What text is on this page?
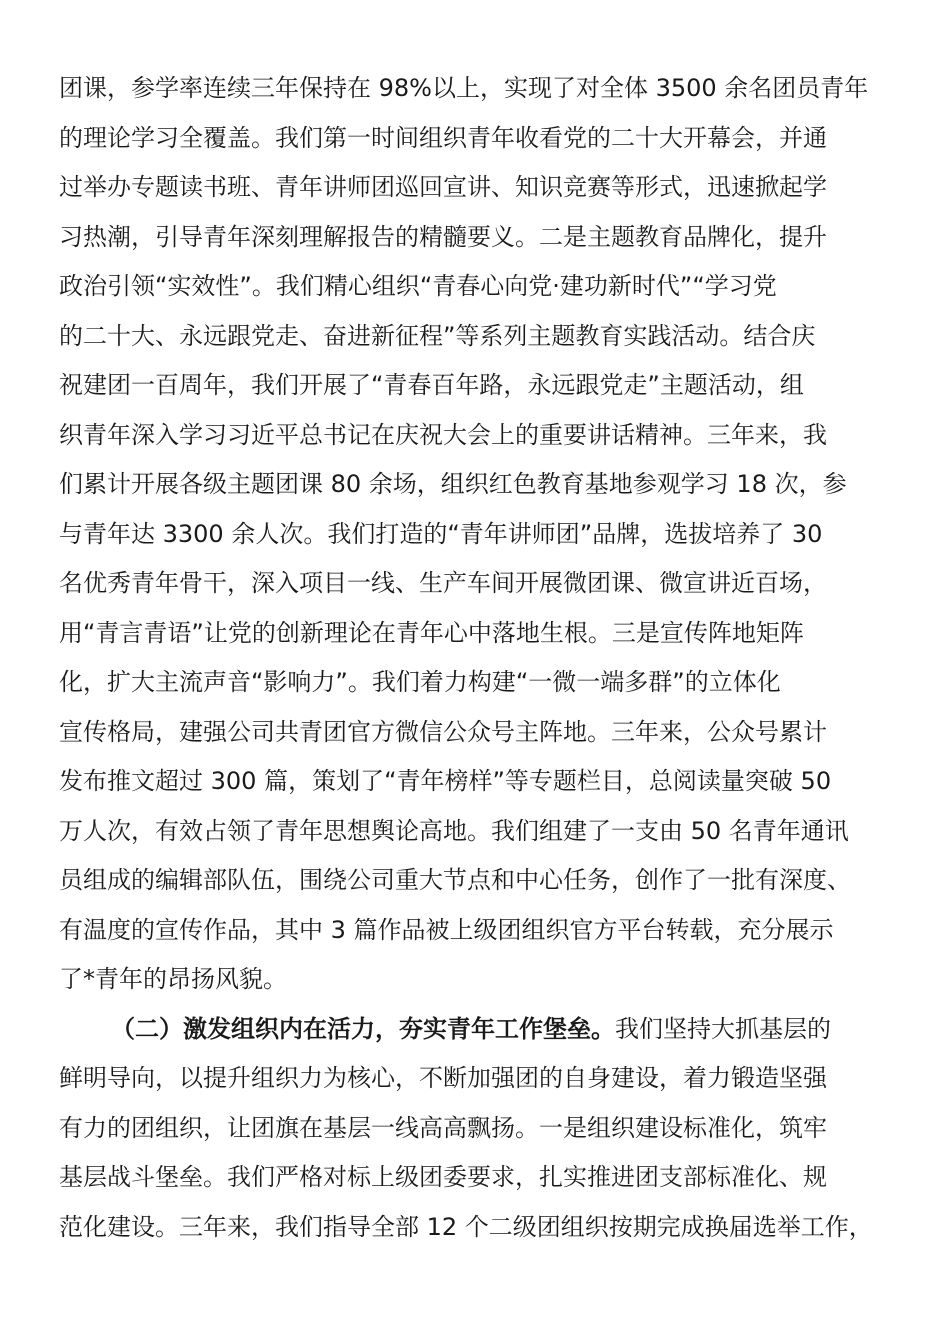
团课，参学率连续三年保持在 98%以上，实现了对全体 3500 余名团员青年
的理论学习全覆盖。我们第一时间组织青年收看党的二十大开幕会，并通
过举办专题读书班、青年讲师团巡回宣讲、知识竞赛等形式，迅速掀起学
习热潮，引导青年深刻理解报告的精髓要义。二是主题教育品牌化，提升
政治引领“实效性”。我们精心组织“青春心向党·建功新时代”“学习党
的二十大、永远跟党走、奋进新征程”等系列主题教育实践活动。结合庆
祝建团一百周年，我们开展了“青春百年路，永远跟党走”主题活动，组
织青年深入学习习近平总书记在庆祝大会上的重要讲话精神。三年来，我
们累计开展各级主题团课 80 余场，组织红色教育基地参观学习 18 次，参
与青年达 3300 余人次。我们打造的“青年讲师团”品牌，选拔培养了 30
名优秀青年骨干，深入项目一线、生产车间开展微团课、微宣讲近百场，
用“青言青语”让党的创新理论在青年心中落地生根。三是宣传阵地矩阵
化，扩大主流声音“影响力”。我们着力构建“一微一端多群”的立体化
宣传格局，建强公司共青团官方微信公众号主阵地。三年来，公众号累计
发布推文超过 300 篇，策划了“青年榜样”等专题栏目，总阅读量突破 50
万人次，有效占领了青年思想舆论高地。我们组建了一支由 50 名青年通讯
员组成的编辑部队伍，围绕公司重大节点和中心任务，创作了一批有深度、
有温度的宣传作品，其中 3 篇作品被上级团组织官方平台转载，充分展示
了*青年的昂扬风貌。
（二）激发组织内在活力，夯实青年工作堡垒。我们坚持大抓基层的
鲜明导向，以提升组织力为核心，不断加强团的自身建设，着力锻造坚强
有力的团组织，让团旗在基层一线高高飘扬。一是组织建设标准化，筑牢
基层战斗堡垒。我们严格对标上级团委要求，扎实推进团支部标准化、规
范化建设。三年来，我们指导全部 12 个二级团组织按期完成换届选举工作，
